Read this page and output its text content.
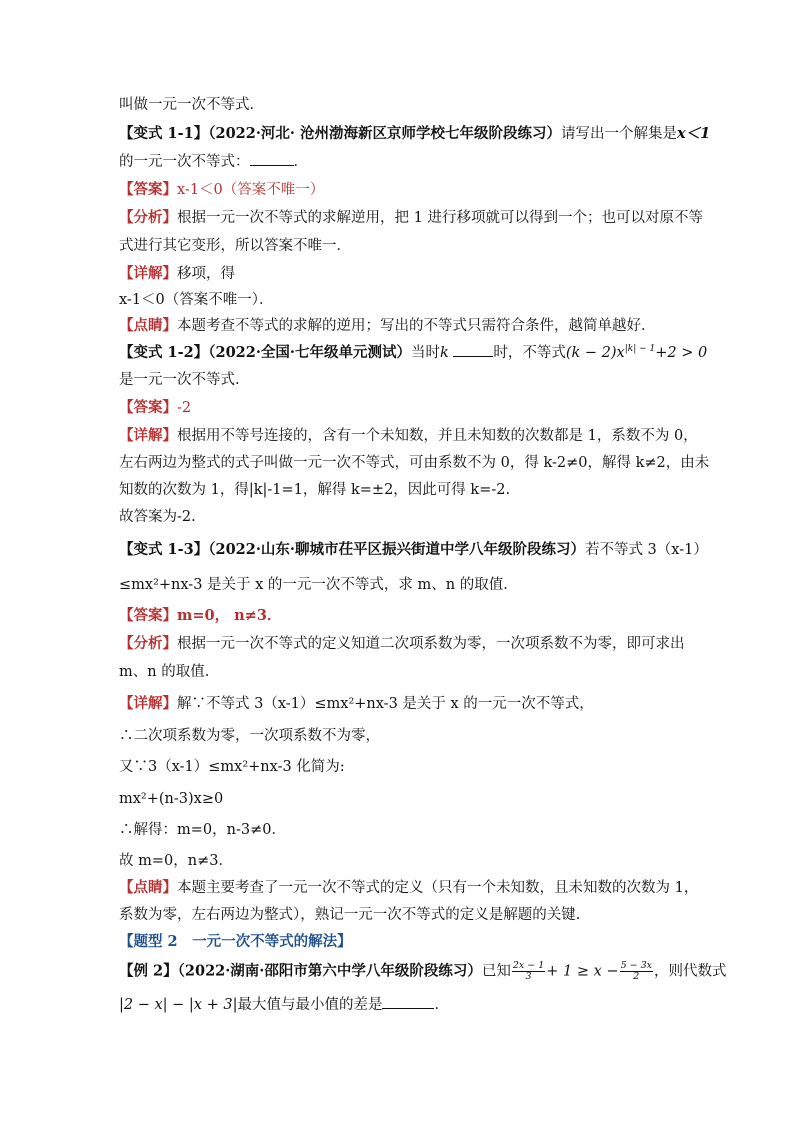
叫做一元一次不等式．
【变式 1-1】（2022·河北· 沧州渤海新区京师学校七年级阶段练习）请写出一个解集是x＜1
的一元一次不等式：	．
【答案】x-1＜0（答案不唯一）
【分析】根据一元一次不等式的求解逆用，把 1 进行移项就可以得到一个；也可以对原不等
式进行其它变形，所以答案不唯一．
【详解】移项，得
x-1＜0（答案不唯一）．
【点睛】本题考查不等式的求解的逆用；写出的不等式只需符合条件，越简单越好．
【变式 1-2】（2022·全国·七年级单元测试）当时k	时，不等式$(k - 2)x^{|k| - 1}+2 > 0$
是一元一次不等式.
【答案】-2
【详解】根据用不等号连接的，含有一个未知数，并且未知数的次数都是 1，系数不为 0，
左右两边为整式的式子叫做一元一次不等式，可由系数不为 0，得 k-2≠0，解得 k≠2，由未
知数的次数为 1，得|k|-1=1，解得 k=±2，因此可得 k=-2.
故答案为-2.
【变式 1-3】（2022·山东·聊城市茌平区振兴街道中学八年级阶段练习）若不等式 3（x-1）
≤mx²+nx-3 是关于 x 的一元一次不等式，求 m、n 的取值．
【答案】m=0， n≠3．
【分析】根据一元一次不等式的定义知道二次项系数为零，一次项系数不为零，即可求出
m、n 的取值.
【详解】解∵不等式 3（x-1）≤mx²+nx-3 是关于 x 的一元一次不等式，
∴二次项系数为零，一次项系数不为零，
又∵3（x-1）≤mx²+nx-3 化简为:
mx²+(n-3)x≥0
∴解得：m=0，n-3≠0．
故 m=0，n≠3．
【点睛】本题主要考查了一元一次不等式的定义（只有一个未知数，且未知数的次数为 1，
系数为零，左右两边为整式），熟记一元一次不等式的定义是解题的关键.
【题型 2　一元一次不等式的解法】
【例 2】（2022·湖南·邵阳市第六中学八年级阶段练习）已知 $\frac{2x - 1}{3} + 1 \ge x - \frac{5 - 3x}{2}$ ，则代数式
|2 − x| − |x + 3|最大值与最小值的差是	．
